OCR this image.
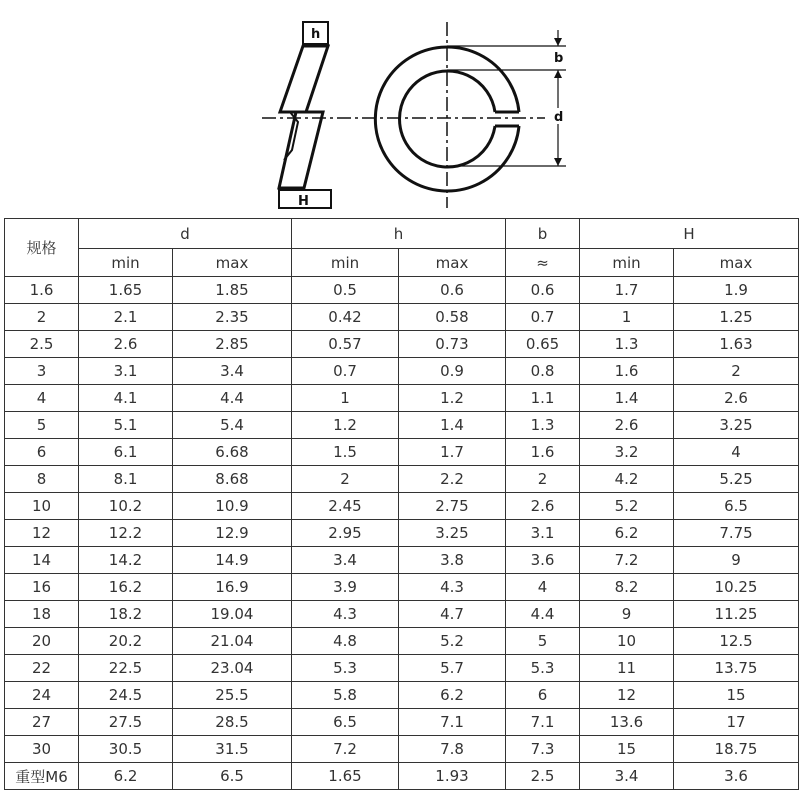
h
H
b
d
规格	d		h		b	H	
	min	max	min	max	≈	min	max
1.6	1.65	1.85	0.5	0.6	0.6	1.7	1.9
2	2.1	2.35	0.42	0.58	0.7	1	1.25
2.5	2.6	2.85	0.57	0.73	0.65	1.3	1.63
3	3.1	3.4	0.7	0.9	0.8	1.6	2
4	4.1	4.4	1	1.2	1.1	1.4	2.6
5	5.1	5.4	1.2	1.4	1.3	2.6	3.25
6	6.1	6.68	1.5	1.7	1.6	3.2	4
8	8.1	8.68	2	2.2	2	4.2	5.25
10	10.2	10.9	2.45	2.75	2.6	5.2	6.5
12	12.2	12.9	2.95	3.25	3.1	6.2	7.75
14	14.2	14.9	3.4	3.8	3.6	7.2	9
16	16.2	16.9	3.9	4.3	4	8.2	10.25
18	18.2	19.04	4.3	4.7	4.4	9	11.25
20	20.2	21.04	4.8	5.2	5	10	12.5
22	22.5	23.04	5.3	5.7	5.3	11	13.75
24	24.5	25.5	5.8	6.2	6	12	15
27	27.5	28.5	6.5	7.1	7.1	13.6	17
30	30.5	31.5	7.2	7.8	7.3	15	18.75
重型M6	6.2	6.5	1.65	1.93	2.5	3.4	3.6
